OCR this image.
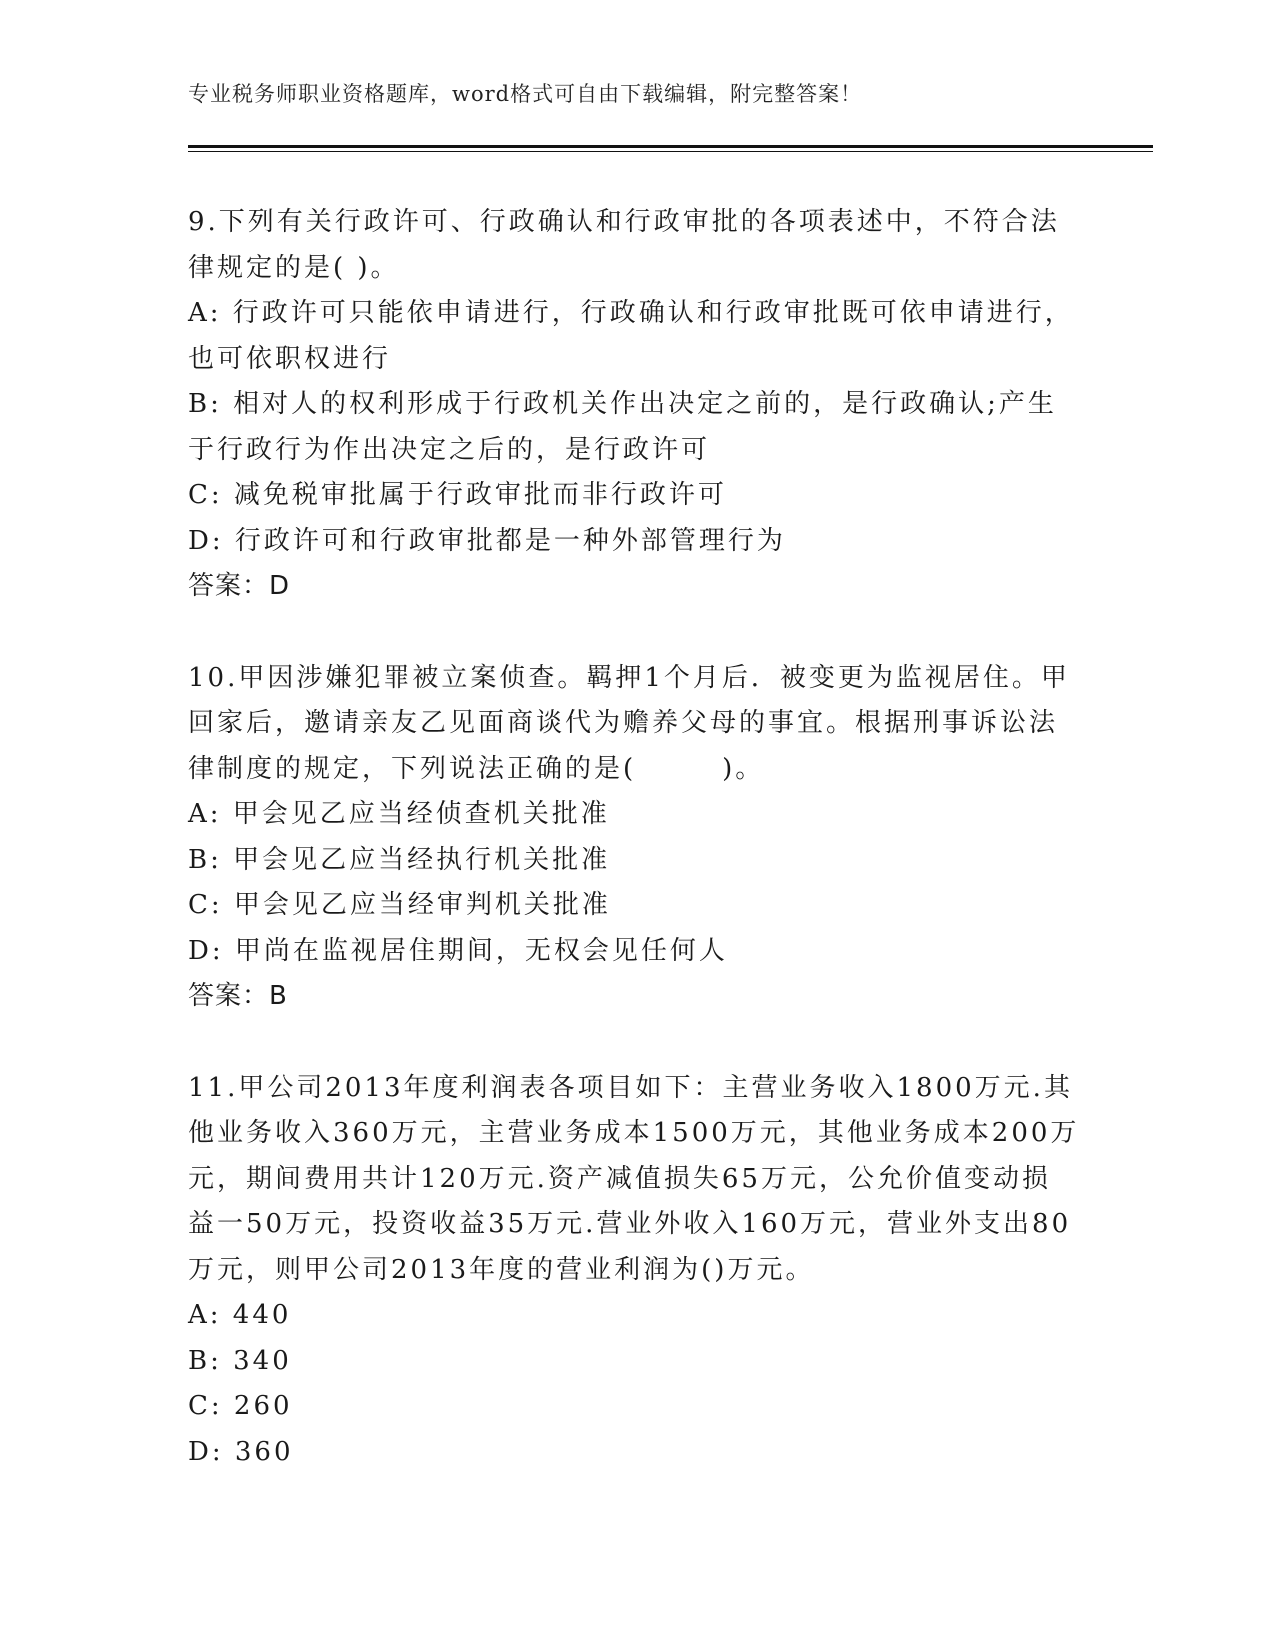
专业税务师职业资格题库，word格式可自由下载编辑，附完整答案！
9.下列有关行政许可、行政确认和行政审批的各项表述中，不符合法
律规定的是( )。
A: 行政许可只能依申请进行，行政确认和行政审批既可依申请进行，
也可依职权进行
B: 相对人的权利形成于行政机关作出决定之前的，是行政确认;产生
于行政行为作出决定之后的，是行政许可
C: 减免税审批属于行政审批而非行政许可
D: 行政许可和行政审批都是一种外部管理行为
答案：D
10.甲因涉嫌犯罪被立案侦查。羁押1个月后．被变更为监视居住。甲
回家后，邀请亲友乙见面商谈代为赡养父母的事宜。根据刑事诉讼法
律制度的规定，下列说法正确的是(	)。
A: 甲会见乙应当经侦查机关批准
B: 甲会见乙应当经执行机关批准
C: 甲会见乙应当经审判机关批准
D: 甲尚在监视居住期间，无权会见任何人
答案：B
11.甲公司2013年度利润表各项目如下：主营业务收入1800万元.其
他业务收入360万元，主营业务成本1500万元，其他业务成本200万
元，期间费用共计120万元.资产减值损失65万元，公允价值变动损
益一50万元，投资收益35万元.营业外收入160万元，营业外支出80
万元，则甲公司2013年度的营业利润为()万元。
A: 440
B: 340
C: 260
D: 360
